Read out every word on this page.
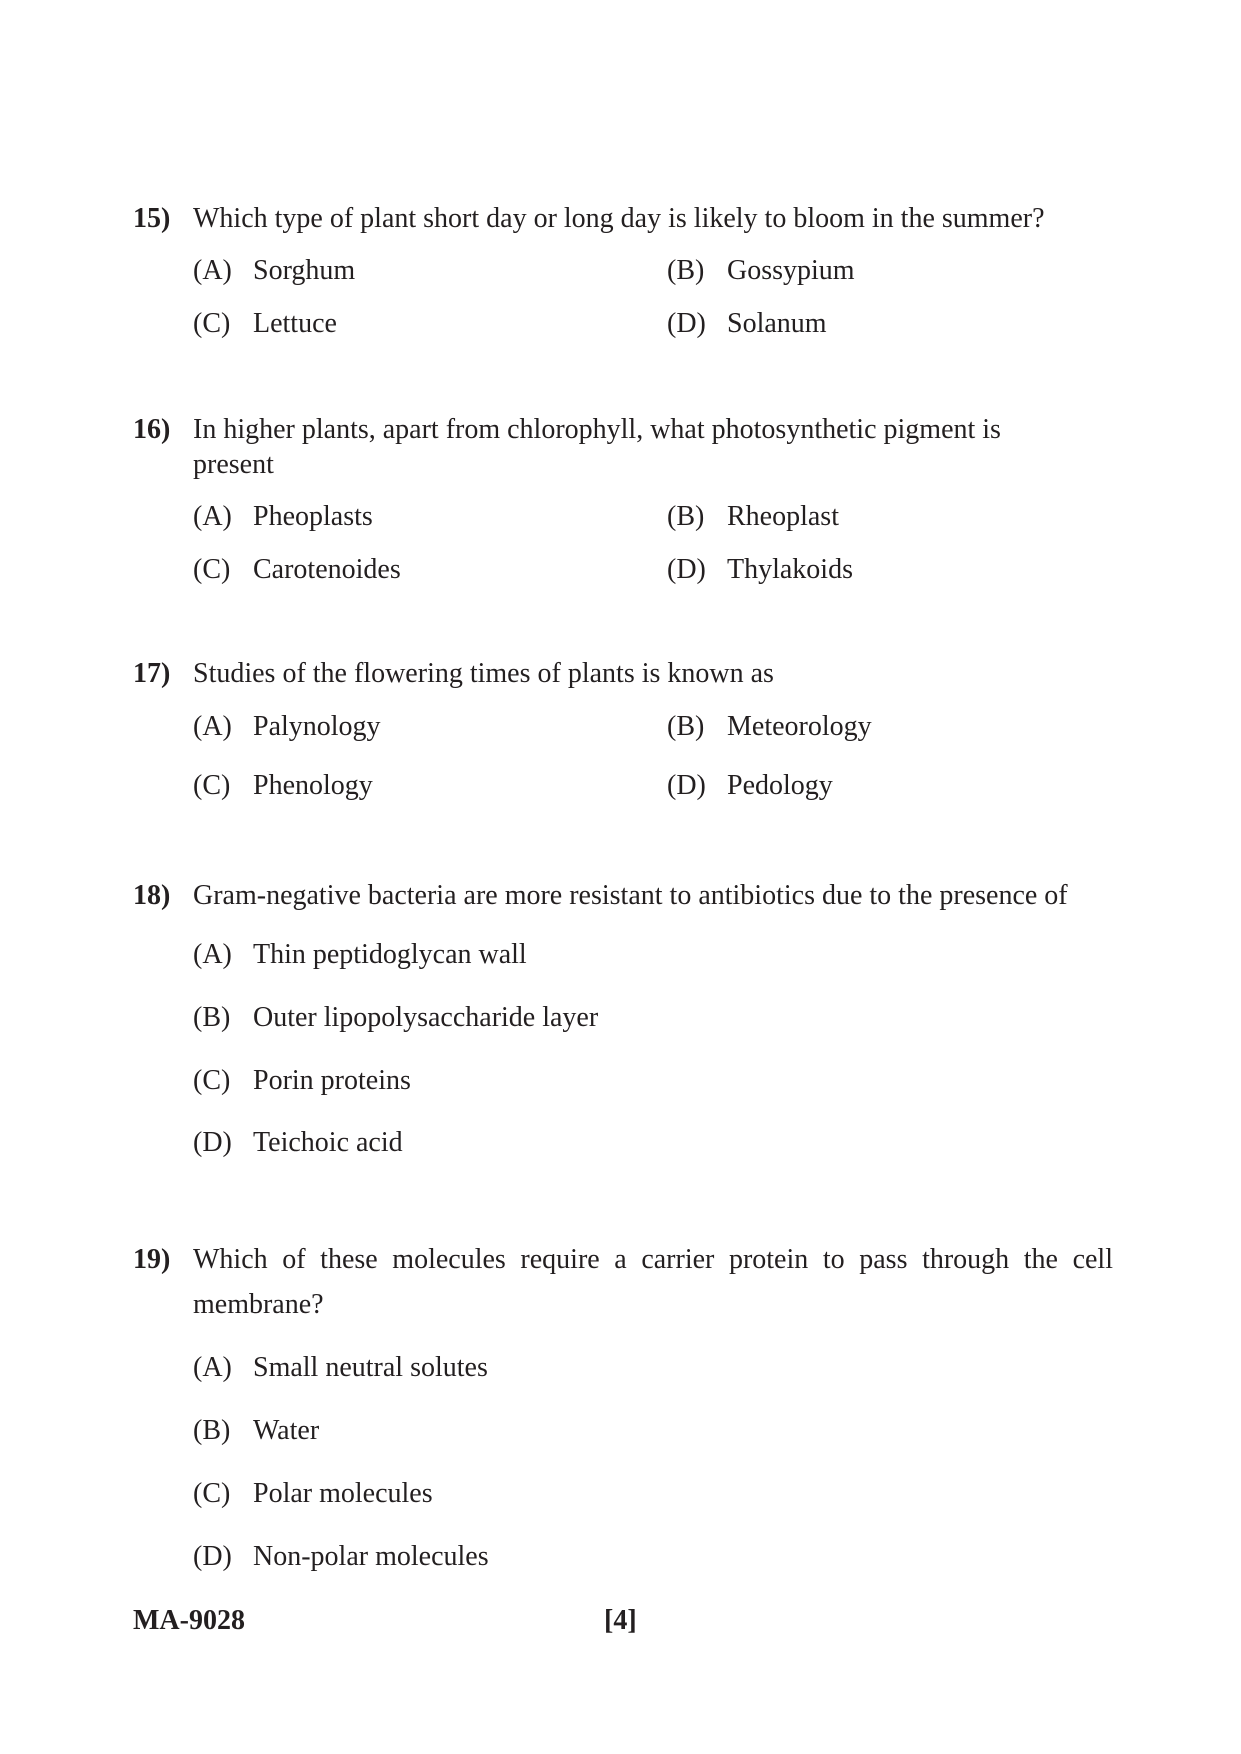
15) Which type of plant short day or long day is likely to bloom in the summer?
(A) Sorghum	(B) Gossypium
(C) Lettuce	(D) Solanum
16) In higher plants, apart from chlorophyll, what photosynthetic pigment is
present
(A) Pheoplasts	(B) Rheoplast
(C) Carotenoides	(D) Thylakoids
17) Studies of the flowering times of plants is known as
(A) Palynology	(B) Meteorology
(C) Phenology	(D) Pedology
18) Gram-negative bacteria are more resistant to antibiotics due to the presence of
(A) Thin peptidoglycan wall
(B) Outer lipopolysaccharide layer
(C) Porin proteins
(D) Teichoic acid
19) Which of these molecules require a carrier protein to pass through the cell
membrane?
(A) Small neutral solutes
(B) Water
(C) Polar molecules
(D) Non-polar molecules
MA-9028	[4]
